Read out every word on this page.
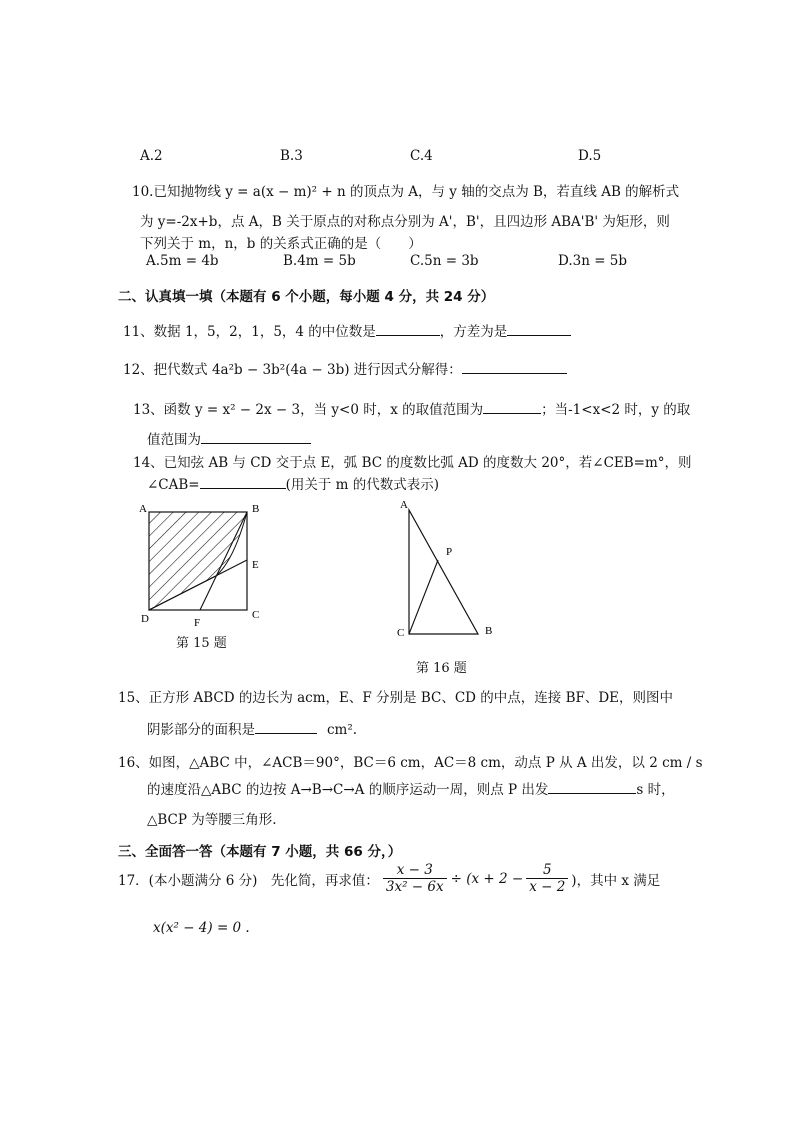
A.2	B.3	C.4	D.5
10.已知抛物线 y = a(x − m)² + n 的顶点为 A，与 y 轴的交点为 B，若直线 AB 的解析式
为 y=-2x+b，点 A，B 关于原点的对称点分别为 A'，B'，且四边形 ABA'B' 为矩形，则
下列关于 m，n，b 的关系式正确的是（　　）
A.5m = 4b	B.4m = 5b	C.5n = 3b	D.3n = 5b
二、认真填一填（本题有 6 个小题，每小题 4 分，共 24 分）
11、数据 1，5，2，1，5，4 的中位数是	，方差为是
12、把代数式 4a²b − 3b²(4a − 3b) 进行因式分解得：
13、函数 y = x² − 2x − 3，当 y<0 时，x 的取值范围为	；当-1<x<2 时，y 的取
值范围为
14、已知弦 AB 与 CD 交于点 E，弧 BC 的度数比弧 AD 的度数大 20°，若∠CEB=m°，则
∠CAB=	(用关于 m 的代数式表示)
A	B
E
D	F
C
第 15 题
A
P
C	B
第 16 题
15、正方形 ABCD 的边长为 acm，E、F 分别是 BC、CD 的中点，连接 BF、DE，则图中
阴影部分的面积是	cm².
16、如图，△ABC 中，∠ACB＝90°，BC＝6 cm，AC＝8 cm，动点 P 从 A 出发，以 2 cm / s
的速度沿△ABC 的边按 A→B→C→A 的顺序运动一周，则点 P 出发	s 时，
△BCP 为等腰三角形.
三、全面答一答（本题有 7 小题，共 66 分，）
17．(本小题满分 6 分)　先化简，再求值： $\frac{x - 3}{\text{3x² − 6x}} \div (x + 2 - \frac{5}{x - 2}$ )，其中 x 满足
x(x² − 4) = 0 .
